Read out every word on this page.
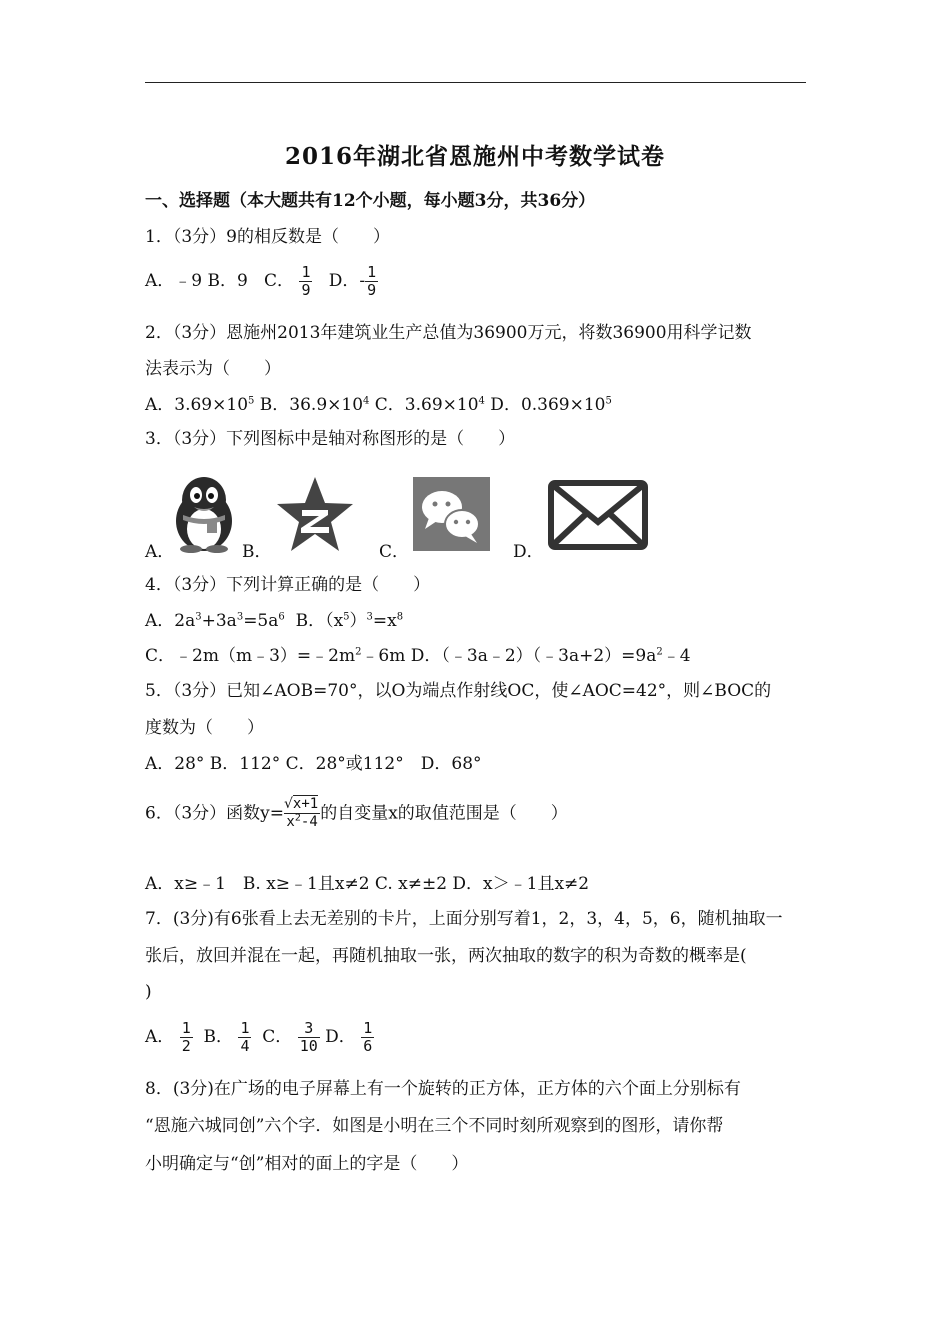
2016年湖北省恩施州中考数学试卷
一、选择题（本大题共有12个小题，每小题3分，共36分）
1．（3分）9的相反数是（　　）
A．﹣9 B．9 C． $\frac{1}{9}$ D．- $\frac{1}{9}$
2．（3分）恩施州2013年建筑业生产总值为36900万元，将数36900用科学记数
法表示为（　　）
A．$3.69\times 10^5$ B．$36.9\times 10^4$ C．$3.69\times 10^4$ D．$0.369\times 10^5$
3．（3分）下列图标中是轴对称图形的是（　　）
A．	B．	C．	D．
4．（3分）下列计算正确的是（　　）
A．$2a^3+3a^3=5a^6$  B．$(x^5)^3=x^8$
C．$﹣2m(m﹣3)=﹣2m^2﹣6m$ D．$(﹣3a﹣2)(﹣3a+2)=9a^2﹣4$
5．（3分）已知∠AOB=70°，以O为端点作射线OC，使∠AOC=42°，则∠BOC的
度数为（　　）
A．28° B．112° C．28°或112°　D．68°
6．（3分）函数$y= \frac{√x+1}{x^2-4}$ 的自变量x的取值范围是（　　）
A．x≥﹣1　B. x≥﹣1且x≠2 C. x≠±2 D．x＞﹣1且x≠2
7．(3分)有6张看上去无差别的卡片，上面分别写着1，2，3，4，5，6，随机抽取一
张后，放回并混在一起，再随机抽取一张，两次抽取的数字的积为奇数的概率是(
)
A． $\frac{1}{2}$ B． $\frac{1}{4}$ C． $\frac{3}{10}$ D． $\frac{1}{6}$
8．(3分)在广场的电子屏幕上有一个旋转的正方体，正方体的六个面上分别标有
“恩施六城同创”六个字．如图是小明在三个不同时刻所观察到的图形，请你帮
小明确定与“创”相对的面上的字是（　　）
